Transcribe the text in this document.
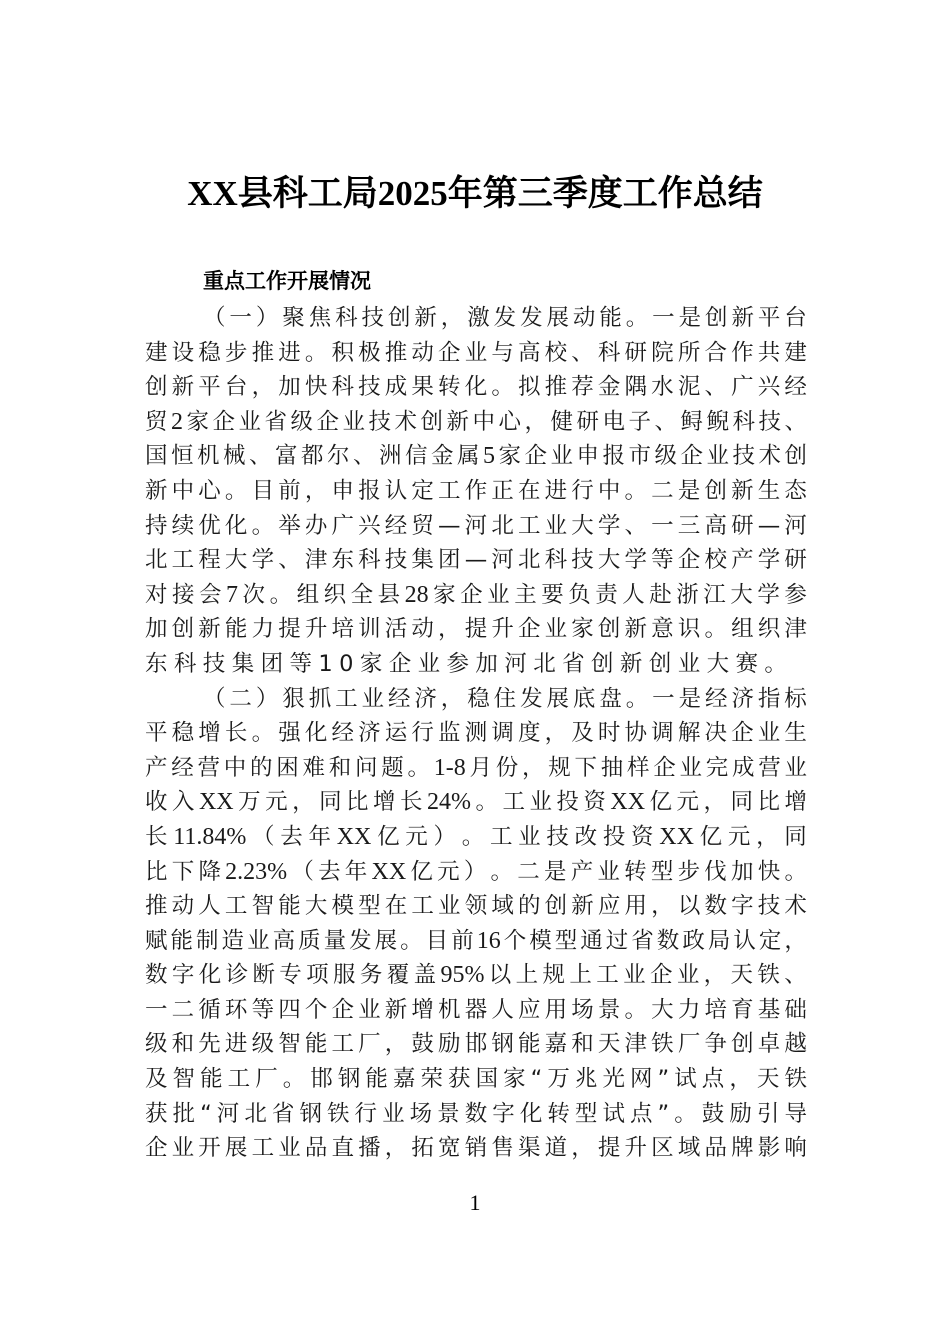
XX县科工局2025年第三季度工作总结
重点工作开展情况
（ 一 ） 聚 焦 科 技 创 新 ， 激 发 发 展 动 能 。 一 是 创 新 平 台
建 设 稳 步 推 进 。 积 极 推 动 企 业 与 高 校 、 科 研 院 所 合 作 共 建
创 新 平 台 ， 加 快 科 技 成 果 转 化 。 拟 推 荐 金 隅 水 泥 、 广 兴 经
贸 2 家 企 业 省 级 企 业 技 术 创 新 中 心 ， 健 研 电 子 、 鲟 鲵 科 技 、
国 恒 机 械 、 富 都 尔 、 洲 信 金 属 5 家 企 业 申 报 市 级 企 业 技 术 创
新 中 心 。 目 前 ， 申 报 认 定 工 作 正 在 进 行 中 。 二 是 创 新 生 态
持 续 优 化 。 举 办 广 兴 经 贸 — 河 北 工 业 大 学 、 一 三 高 研 — 河
北 工 程 大 学 、 津 东 科 技 集 团 — 河 北 科 技 大 学 等 企 校 产 学 研
对 接 会 7 次 。 组 织 全 县 28 家 企 业 主 要 负 责 人 赴 浙 江 大 学 参
加 创 新 能 力 提 升 培 训 活 动 ， 提 升 企 业 家 创 新 意 识 。 组 织 津
东科技集团等10家企业参加河北省创新创业大赛。
（ 二 ） 狠 抓 工 业 经 济 ， 稳 住 发 展 底 盘 。 一 是 经 济 指 标
平 稳 增 长 。 强 化 经 济 运 行 监 测 调 度 ， 及 时 协 调 解 决 企 业 生
产 经 营 中 的 困 难 和 问 题 。 1-8 月 份 ， 规 下 抽 样 企 业 完 成 营 业
收 入 XX 万 元 ， 同 比 增 长 24% 。 工 业 投 资 XX 亿 元 ， 同 比 增
长 11.84% （ 去 年 XX 亿 元 ） 。 工 业 技 改 投 资 XX 亿 元 ， 同
比 下 降 2.23% （ 去 年 XX 亿 元 ） 。 二 是 产 业 转 型 步 伐 加 快 。
推 动 人 工 智 能 大 模 型 在 工 业 领 域 的 创 新 应 用 ， 以 数 字 技 术
赋 能 制 造 业 高 质 量 发 展 。 目 前 16 个 模 型 通 过 省 数 政 局 认 定 ，
数 字 化 诊 断 专 项 服 务 覆 盖 95% 以 上 规 上 工 业 企 业 ， 天 铁 、
一 二 循 环 等 四 个 企 业 新 增 机 器 人 应 用 场 景 。 大 力 培 育 基 础
级 和 先 进 级 智 能 工 厂 ， 鼓 励 邯 钢 能 嘉 和 天 津 铁 厂 争 创 卓 越
及 智 能 工 厂 。 邯 钢 能 嘉 荣 获 国 家 “ 万 兆 光 网 ” 试 点 ， 天 铁
获 批 “ 河 北 省 钢 铁 行 业 场 景 数 字 化 转 型 试 点 ” 。 鼓 励 引 导
企 业 开 展 工 业 品 直 播 ， 拓 宽 销 售 渠 道 ， 提 升 区 域 品 牌 影 响
1
